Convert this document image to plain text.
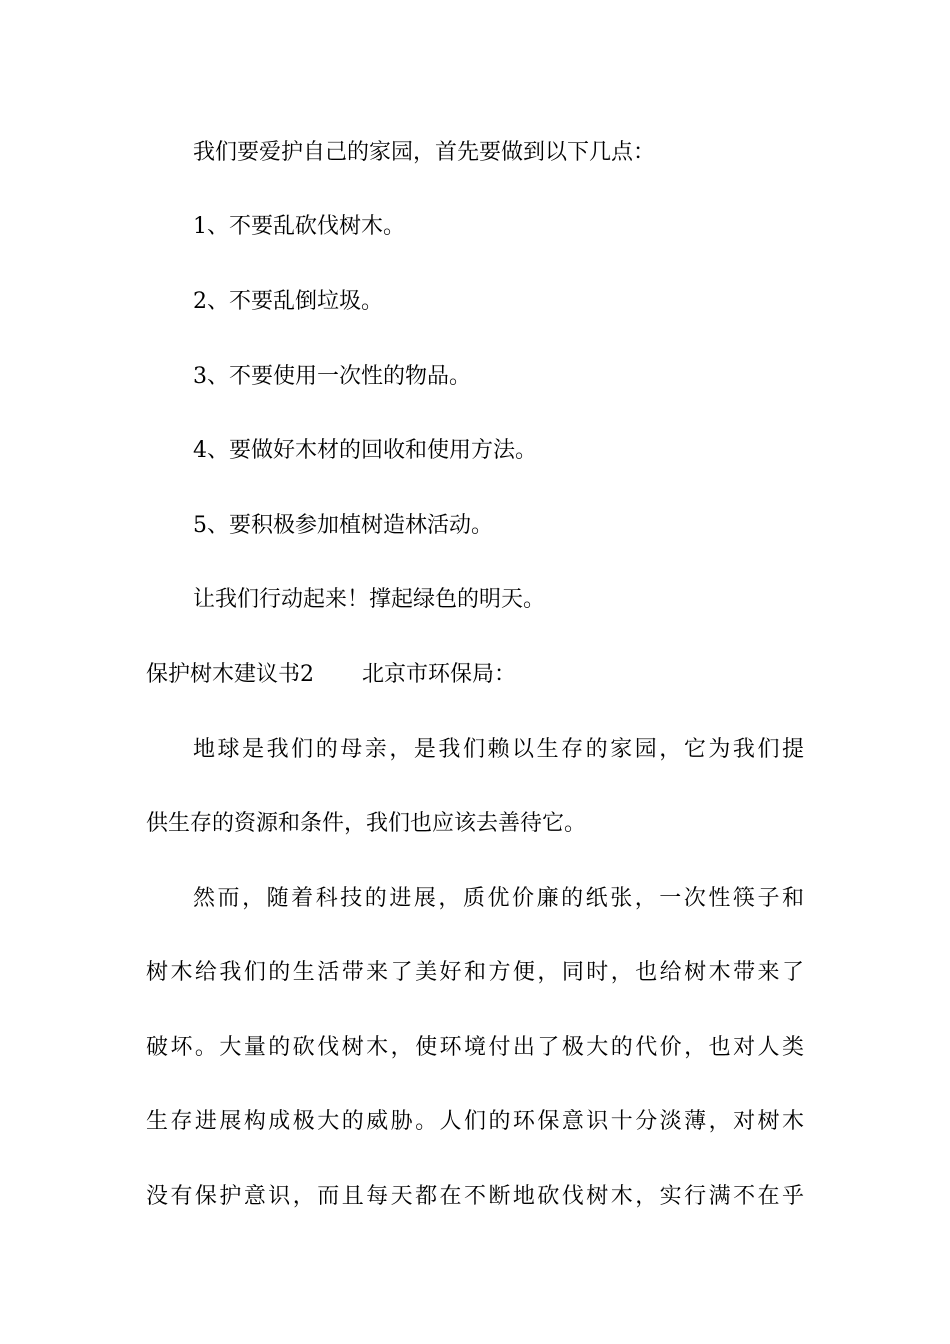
我们要爱护自己的家园，首先要做到以下几点：
1、不要乱砍伐树木。
2、不要乱倒垃圾。
3、不要使用一次性的物品。
4、要做好木材的回收和使用方法。
5、要积极参加植树造林活动。
让我们行动起来！撑起绿色的明天。
保护树木建议书2 北京市环保局：
地球是我们的母亲，是我们赖以生存的家园，它为我们提
供生存的资源和条件，我们也应该去善待它。
然而，随着科技的进展，质优价廉的纸张，一次性筷子和
树木给我们的生活带来了美好和方便，同时，也给树木带来了
破坏。大量的砍伐树木，使环境付出了极大的代价，也对人类
生存进展构成极大的威胁。人们的环保意识十分淡薄，对树木
没有保护意识，而且每天都在不断地砍伐树木，实行满不在乎
